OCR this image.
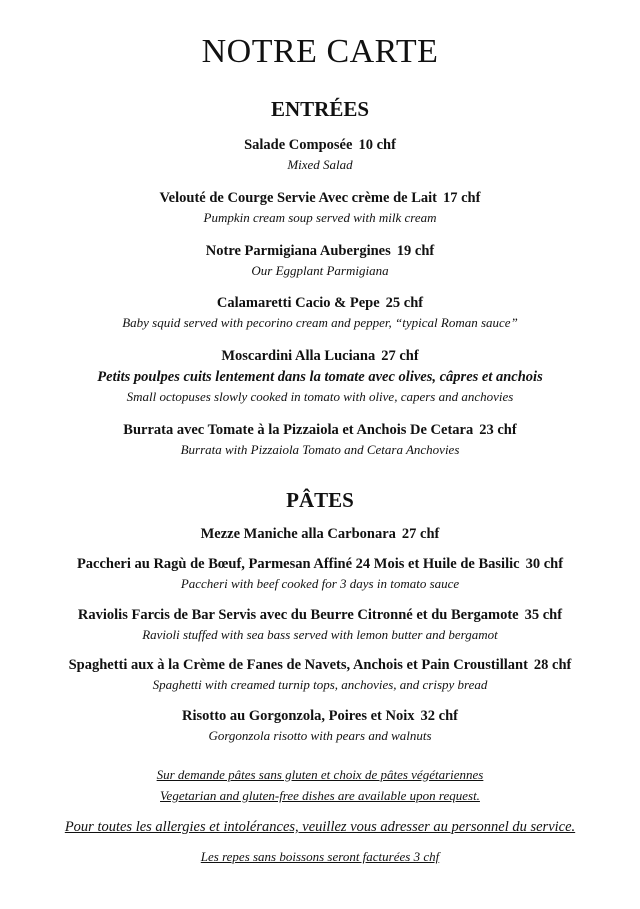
NOTRE CARTE
ENTRÉES
Salade Composée 10 chf
Mixed Salad
Velouté de Courge Servie Avec crème de Lait 17 chf
Pumpkin cream soup served with milk cream
Notre Parmigiana Aubergines 19 chf
Our Eggplant Parmigiana
Calamaretti Cacio & Pepe 25 chf
Baby squid served with pecorino cream and pepper, “typical Roman sauce”
Moscardini Alla Luciana 27 chf
Petits poulpes cuits lentement dans la tomate avec olives, câpres et anchois
Small octopuses slowly cooked in tomato with olive, capers and anchovies
Burrata avec Tomate à la Pizzaiola et Anchois De Cetara 23 chf
Burrata with Pizzaiola Tomato and Cetara Anchovies
PÂTES
Mezze Maniche alla Carbonara 27 chf
Paccheri au Ragù de Bœuf, Parmesan Affiné 24 Mois et Huile de Basilic 30 chf
Paccheri with beef cooked for 3 days in tomato sauce
Raviolis Farcis de Bar Servis avec du Beurre Citronné et du Bergamote 35 chf
Ravioli stuffed with sea bass served with lemon butter and bergamot
Spaghetti aux à la Crème de Fanes de Navets, Anchois et Pain Croustillant 28 chf
Spaghetti with creamed turnip tops, anchovies, and crispy bread
Risotto au Gorgonzola, Poires et Noix 32 chf
Gorgonzola risotto with pears and walnuts
Sur demande pâtes sans gluten et choix de pâtes végétariennes
Vegetarian and gluten-free dishes are available upon request.
Pour toutes les allergies et intolérances, veuillez vous adresser au personnel du service.
Les repes sans boissons seront facturées 3 chf
